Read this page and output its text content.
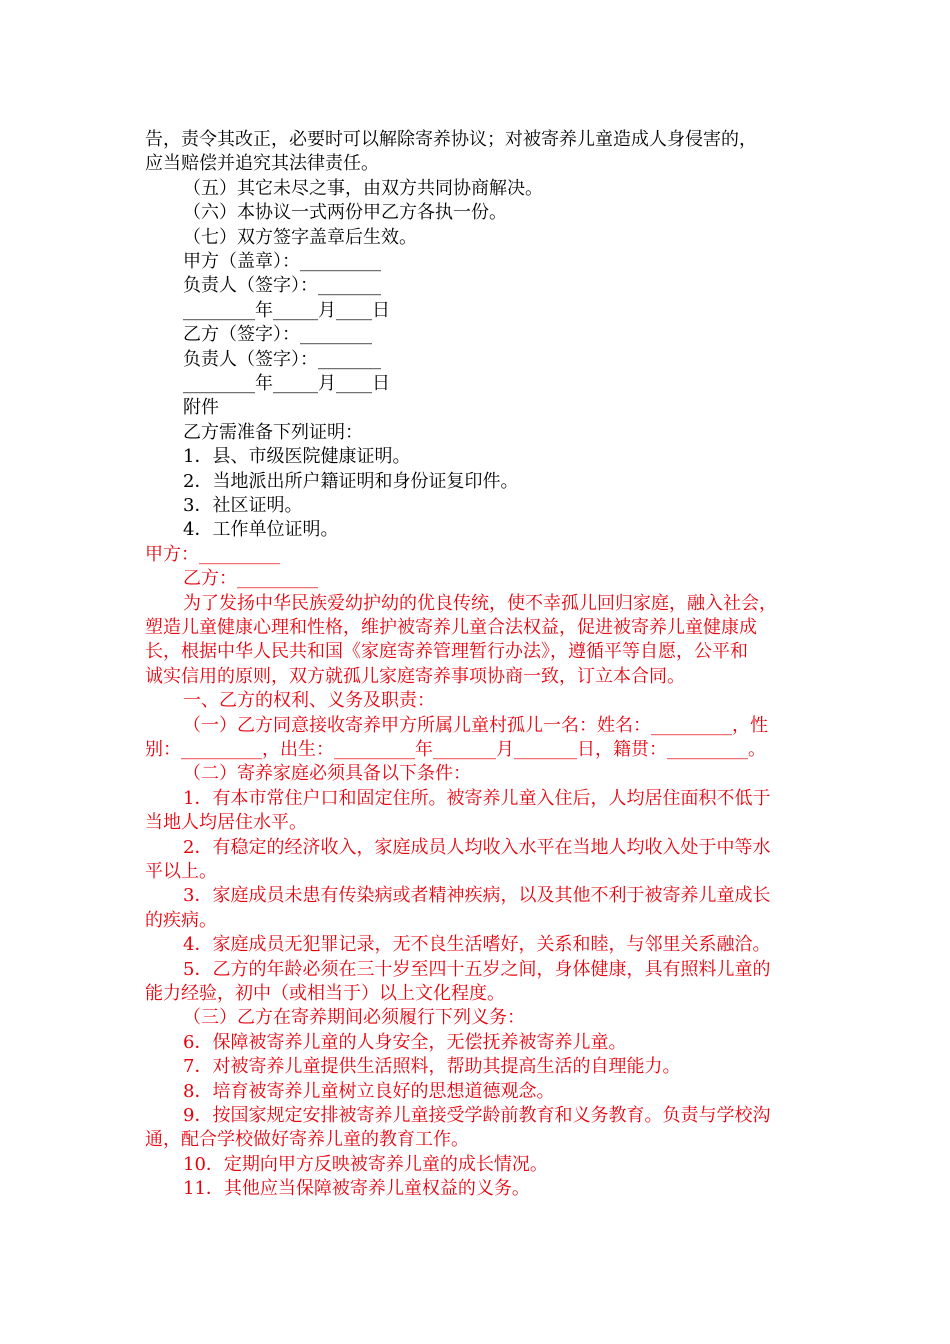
告，责令其改正，必要时可以解除寄养协议；对被寄养儿童造成人身侵害的，
应当赔偿并追究其法律责任。
（五）其它未尽之事，由双方共同协商解决。
（六）本协议一式两份甲乙方各执一份。
（七）双方签字盖章后生效。
甲方（盖章）：_________
负责人（签字）：_______
________年_____月____日
乙方（签字）：________
负责人（签字）：_______
________年_____月____日
附件
乙方需准备下列证明：
1．县、市级医院健康证明。
2．当地派出所户籍证明和身份证复印件。
3．社区证明。
4．工作单位证明。
甲方：_________
乙方：_________
为了发扬中华民族爱幼护幼的优良传统，使不幸孤儿回归家庭，融入社会，
塑造儿童健康心理和性格，维护被寄养儿童合法权益，促进被寄养儿童健康成
长，根据中华人民共和国《家庭寄养管理暂行办法》，遵循平等自愿，公平和
诚实信用的原则，双方就孤儿家庭寄养事项协商一致，订立本合同。
一、乙方的权利、义务及职责：
（一）乙方同意接收寄养甲方所属儿童村孤儿一名：姓名：_________，性
别：_________，出生：_________年_______月_______日，籍贯：_________。
（二）寄养家庭必须具备以下条件：
1．有本市常住户口和固定住所。被寄养儿童入住后，人均居住面积不低于
当地人均居住水平。
2．有稳定的经济收入，家庭成员人均收入水平在当地人均收入处于中等水
平以上。
3．家庭成员未患有传染病或者精神疾病，以及其他不利于被寄养儿童成长
的疾病。
4．家庭成员无犯罪记录，无不良生活嗜好，关系和睦，与邻里关系融洽。
5．乙方的年龄必须在三十岁至四十五岁之间，身体健康，具有照料儿童的
能力经验，初中（或相当于）以上文化程度。
（三）乙方在寄养期间必须履行下列义务：
6．保障被寄养儿童的人身安全，无偿抚养被寄养儿童。
7．对被寄养儿童提供生活照料，帮助其提高生活的自理能力。
8．培育被寄养儿童树立良好的思想道德观念。
9．按国家规定安排被寄养儿童接受学龄前教育和义务教育。负责与学校沟
通，配合学校做好寄养儿童的教育工作。
10．定期向甲方反映被寄养儿童的成长情况。
11．其他应当保障被寄养儿童权益的义务。
